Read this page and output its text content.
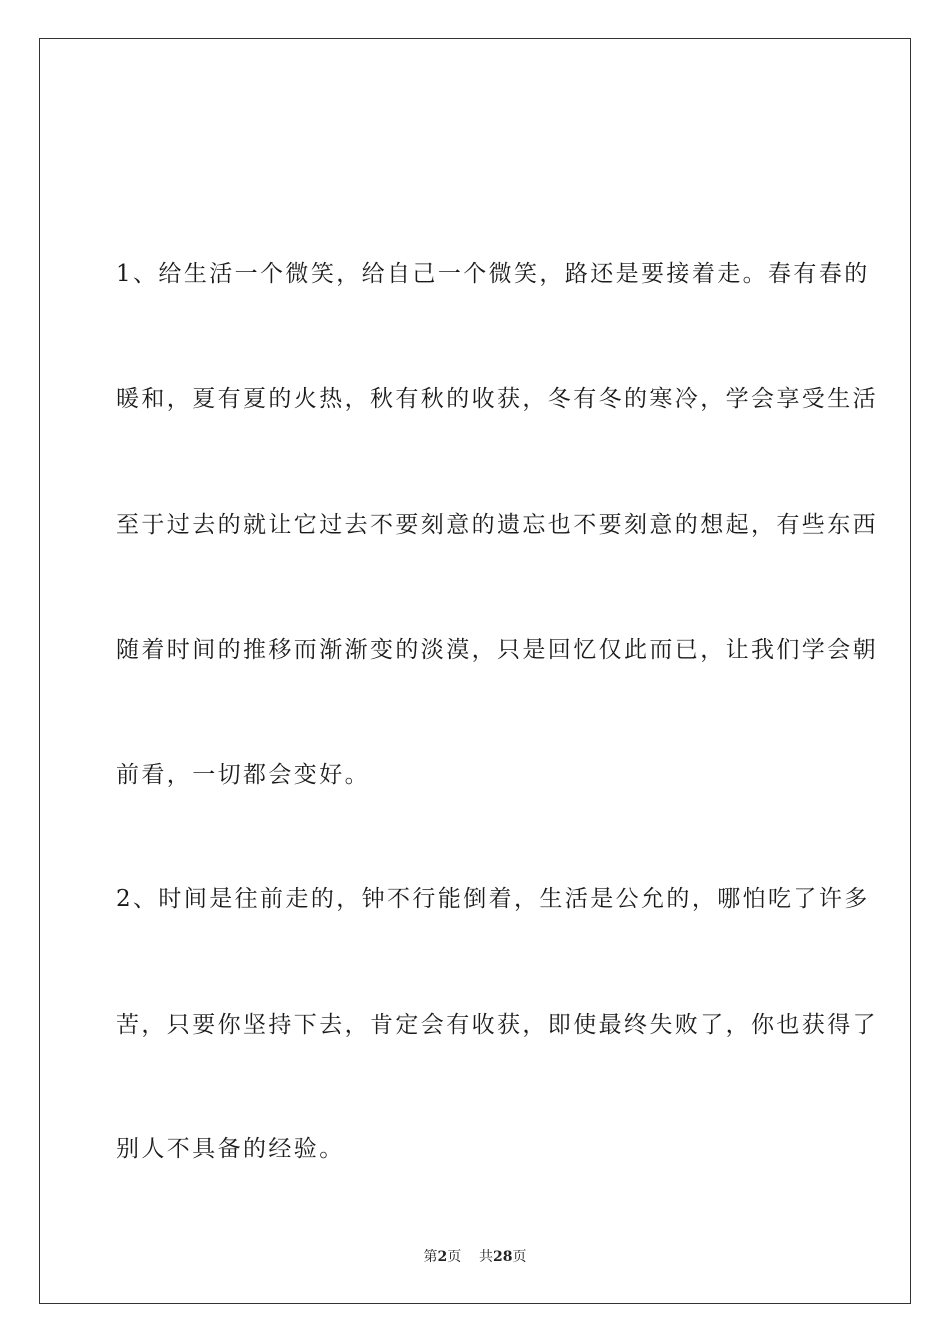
1、给生活一个微笑，给自己一个微笑，路还是要接着走。春有春的
暖和，夏有夏的火热，秋有秋的收获，冬有冬的寒冷，学会享受生活
至于过去的就让它过去不要刻意的遗忘也不要刻意的想起，有些东西
随着时间的推移而渐渐变的淡漠，只是回忆仅此而已，让我们学会朝
前看，一切都会变好。
2、时间是往前走的，钟不行能倒着，生活是公允的，哪怕吃了许多
苦，只要你坚持下去，肯定会有收获，即使最终失败了，你也获得了
别人不具备的经验。
第2页 共28页
